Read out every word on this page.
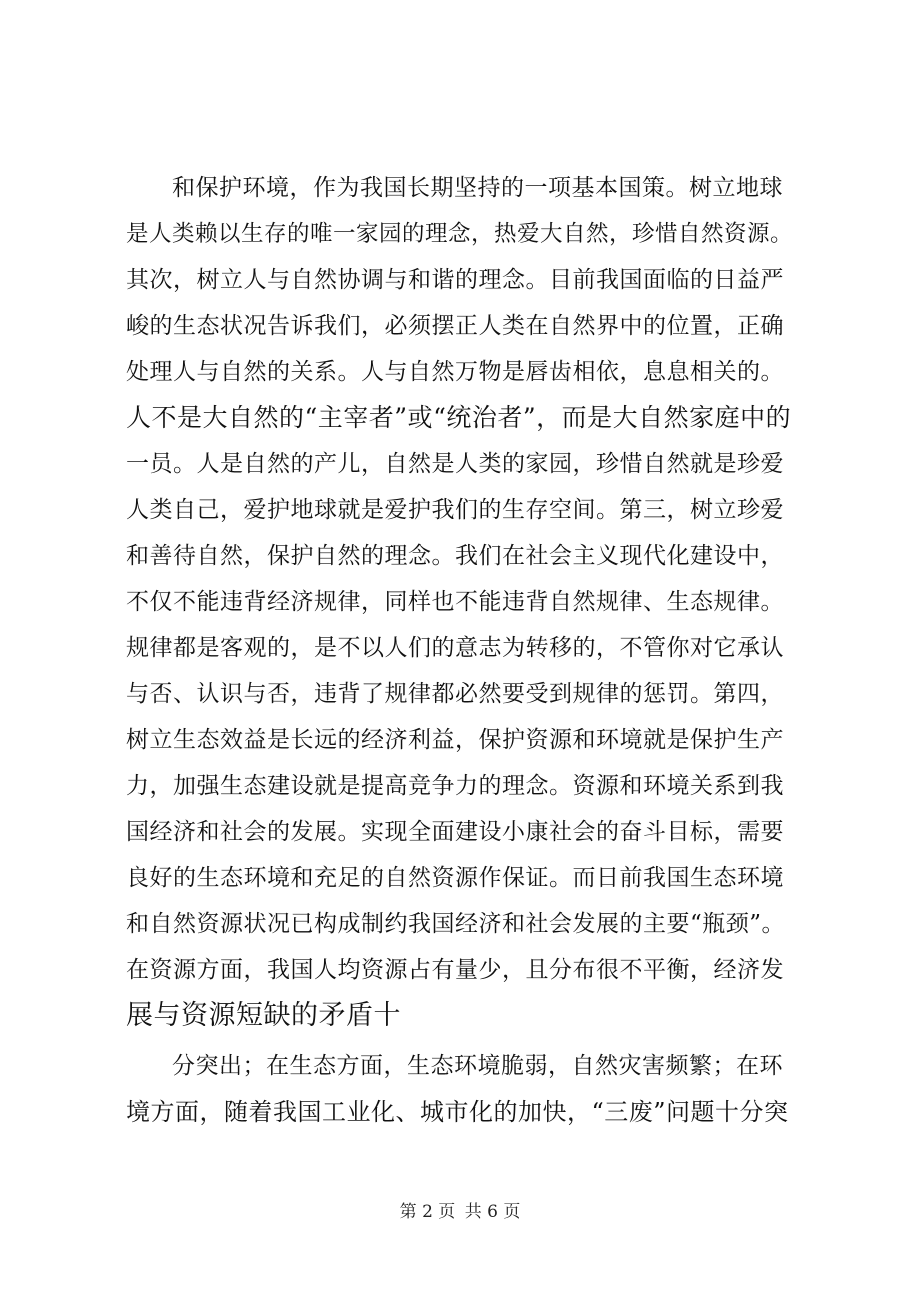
和保护环境，作为我国长期坚持的一项基本国策。树立地球
是人类赖以生存的唯一家园的理念，热爱大自然，珍惜自然资源。
其次，树立人与自然协调与和谐的理念。目前我国面临的日益严
峻的生态状况告诉我们，必须摆正人类在自然界中的位置，正确
处理人与自然的关系。人与自然万物是唇齿相依，息息相关的。
人不是大自然的“主宰者”或“统治者”，而是大自然家庭中的
一员。人是自然的产儿，自然是人类的家园，珍惜自然就是珍爱
人类自己，爱护地球就是爱护我们的生存空间。第三，树立珍爱
和善待自然，保护自然的理念。我们在社会主义现代化建设中，
不仅不能违背经济规律，同样也不能违背自然规律、生态规律。
规律都是客观的，是不以人们的意志为转移的，不管你对它承认
与否、认识与否，违背了规律都必然要受到规律的惩罚。第四，
树立生态效益是长远的经济利益，保护资源和环境就是保护生产
力，加强生态建设就是提高竞争力的理念。资源和环境关系到我
国经济和社会的发展。实现全面建设小康社会的奋斗目标，需要
良好的生态环境和充足的自然资源作保证。而日前我国生态环境
和自然资源状况已构成制约我国经济和社会发展的主要“瓶颈”。
在资源方面，我国人均资源占有量少，且分布很不平衡，经济发
展与资源短缺的矛盾十
分突出；在生态方面，生态环境脆弱，自然灾害频繁；在环
境方面，随着我国工业化、城市化的加快，“三废”问题十分突
第 2 页 共 6 页
